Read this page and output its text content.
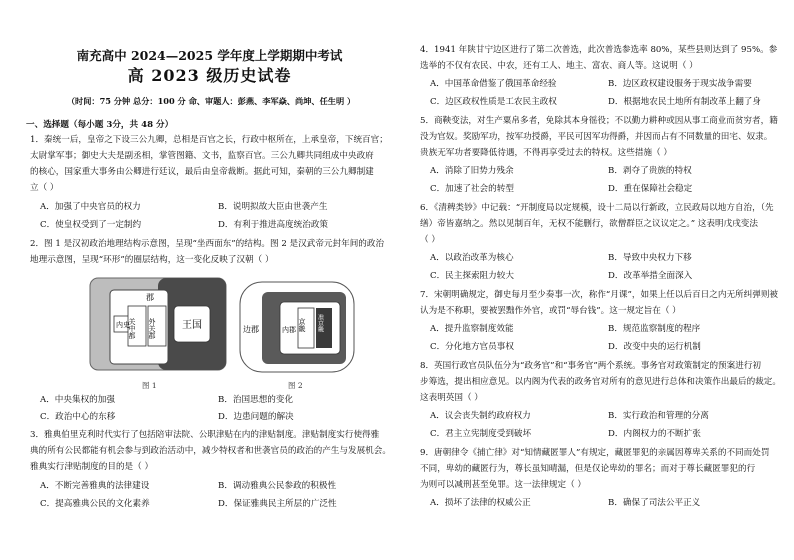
南充高中 2024—2025 学年度上学期期中考试
高 2023 级历史试卷
（时间：75 分钟 总分：100 分 命、审题人：彭燕、李军焱、尚坤、任生明 ）
一、选择题（每小题 3分，共 48 分）
1．秦统一后，皇帝之下设三公九卿，总相是百官之长，行政中枢所在，上承皇帝，下统百官；
太尉掌军事；御史大夫是副丞相，掌管图籍、文书，监察百官。三公九卿共同组成中央政府
的核心，国家重大事务由公卿进行廷议，最后由皇帝裁断。据此可知，秦朝的三公九卿制建
立（ ）
A．加强了中央官员的权力	B．说明拟故大臣由世袭产生
C．使皇权受到了一定制约	D．有利于推进高度统治政策
2．图 1 是汉初政治地理结构示意图，呈现“坐西面东”的结构。图 2 是汉武帝元封年间的政治
地理示意图，呈现“环形”的圈层结构，这一变化反映了汉朝（ ）
内史
关中都 外关郡
郡
王国
图 1
边郡	内郡 京畿 准京畿
图 2
A．中央集权的加强	B．治国思想的变化
C．政治中心的东移	D．边患问题的解决
3．雅典伯里克利时代实行了包括陪审法院、公职津贴在内的津贴制度。津贴制度实行使得雅
典的所有公民都能有机会参与到政治活动中，减少特权者和世袭官员的政治的产生与发展机会。
雅典实行津贴制度的目的是（ ）
A．不断完善雅典的法律建设	B．调动雅典公民参政的积极性
C．提高雅典公民的文化素养	D．保证雅典民主所层的广泛性
4．1941 年陕甘宁边区进行了第二次普选，此次普选参选率 80%，某些县则达到了 95%。参
选举的不仅有农民、中农，还有工人、地主、富农、商人等。这说明（ ）
A．中国革命借鉴了俄国革命经验	B．边区政权建设服务于现实战争需要
C．边区政权性质是工农民主政权	D．根据地农民土地所有制改革上翻了身
5．商鞅变法，对生产粟帛多者，免除其本身徭役；不以勤力耕种或因从事工商业而贫穷者，籍
没为官奴。奖励军功，按军功授爵，平民可因军功得爵，并因而占有不同数量的田宅、奴隶。
贵族无军功者要降低待遇，不得再享受过去的特权。这些措施（ ）
A．消除了旧势力残余	B．剥夺了贵族的特权
C．加速了社会的转型	D．重在保障社会稳定
6．《清稗类钞》中记载：“开制度局以定规模，设十二局以行新政，立民政局以地方自治，（先
缮）帝皆嘉纳之。然以见制百年，无权不能删行，欲僧群臣之议议定之。” 这表明戊戌变法
（ ）
A．以政治改革为核心	B．导致中央权力下移
C．民主探索阻力较大	D．改革举措全面深入
7．宋朝明确规定，御史每月至少奏事一次，称作“月课”，如果上任以后百日之内无所纠弹则被
认为是不称职，要被罢黜作外官，或罚“辱台钱”。这一规定旨在（ ）
A．提升监察制度效能	B．规范监察制度的程序
C．分化地方官员事权	D．改变中央的运行机制
8．英国行政官员队伍分为“政务官”和“事务官”两个系统。事务官对政策制定的预案进行初
步筹选，提出相应意见。以内阁为代表的政务官对所有的意见进行总体和决策作出最后的裁定。
这表明英国（ ）
A．议会丧失制约政府权力	B．实行政治和管理的分离
C．君主立宪制度受到破坏	D．内阁权力的不断扩张
9．唐朝律令《捕亡律》对“知情藏匿罪人”有规定，藏匿罪犯的亲属因尊卑关系的不同而处罚
不同，卑幼的藏匿行为，尊长虽知晴漏，但是仅论卑幼的罪名；而对于尊长藏匿罪犯的行
为则可以减刑甚至免罪。这一法律规定（ ）
A．损坏了法律的权威公正	B．确保了司法公平正义
